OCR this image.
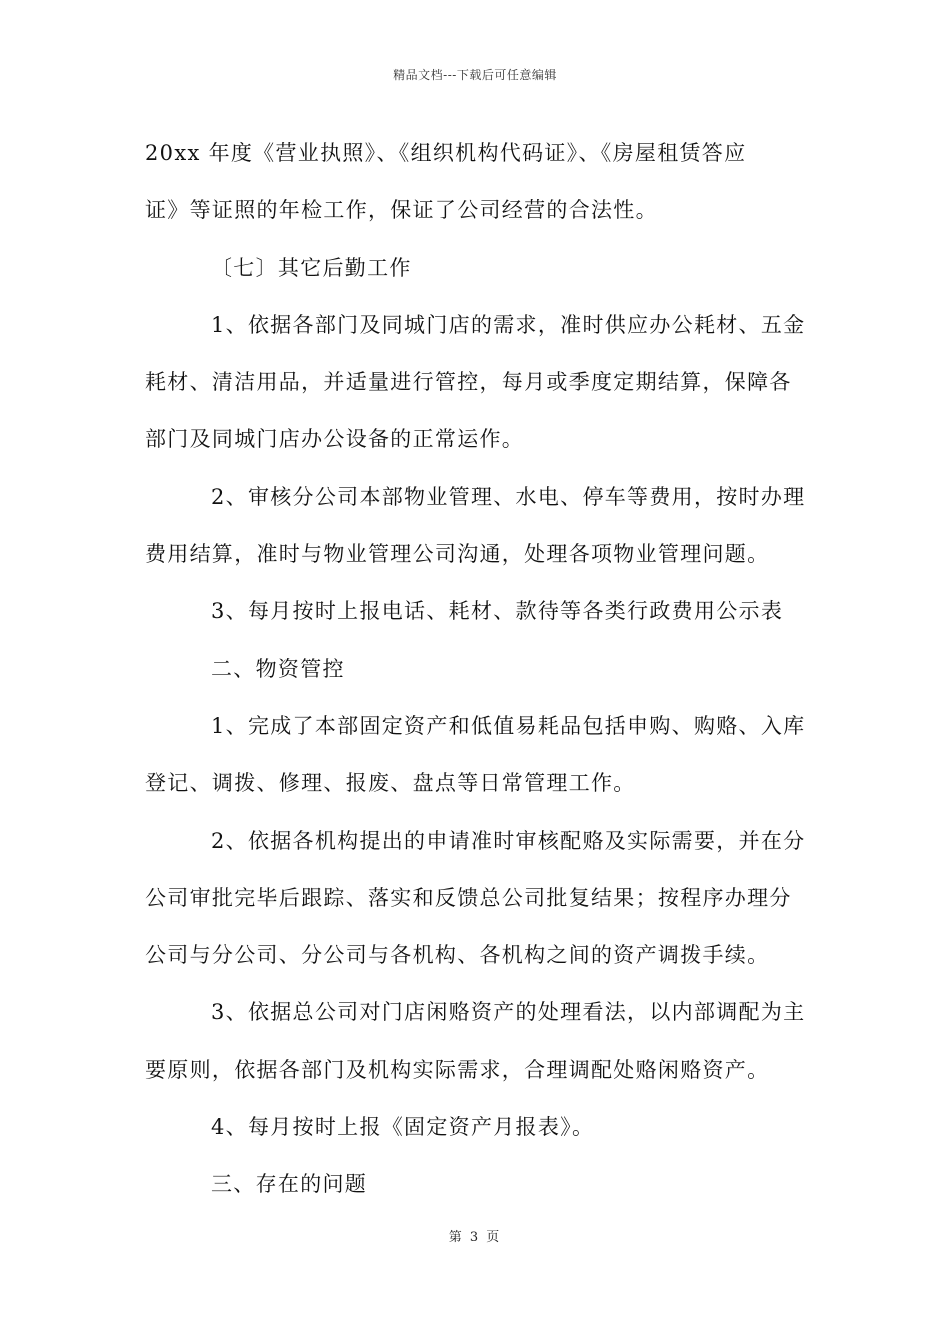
精品文档---下载后可任意编辑
20xx 年度《营业执照》、《组织机构代码证》、《房屋租赁答应
证》等证照的年检工作，保证了公司经营的合法性。
〔七〕其它后勤工作
1、依据各部门及同城门店的需求，准时供应办公耗材、五金
耗材、清洁用品，并适量进行管控，每月或季度定期结算，保障各
部门及同城门店办公设备的正常运作。
2、审核分公司本部物业管理、水电、停车等费用，按时办理
费用结算，准时与物业管理公司沟通，处理各项物业管理问题。
3、每月按时上报电话、耗材、款待等各类行政费用公示表
二、物资管控
1、完成了本部固定资产和低值易耗品包括申购、购赂、入库
登记、调拨、修理、报废、盘点等日常管理工作。
2、依据各机构提出的申请准时审核配赂及实际需要，并在分
公司审批完毕后跟踪、落实和反馈总公司批复结果；按程序办理分
公司与分公司、分公司与各机构、各机构之间的资产调拨手续。
3、依据总公司对门店闲赂资产的处理看法，以内部调配为主
要原则，依据各部门及机构实际需求，合理调配处赂闲赂资产。
4、每月按时上报《固定资产月报表》。
三、存在的问题
第 3 页
